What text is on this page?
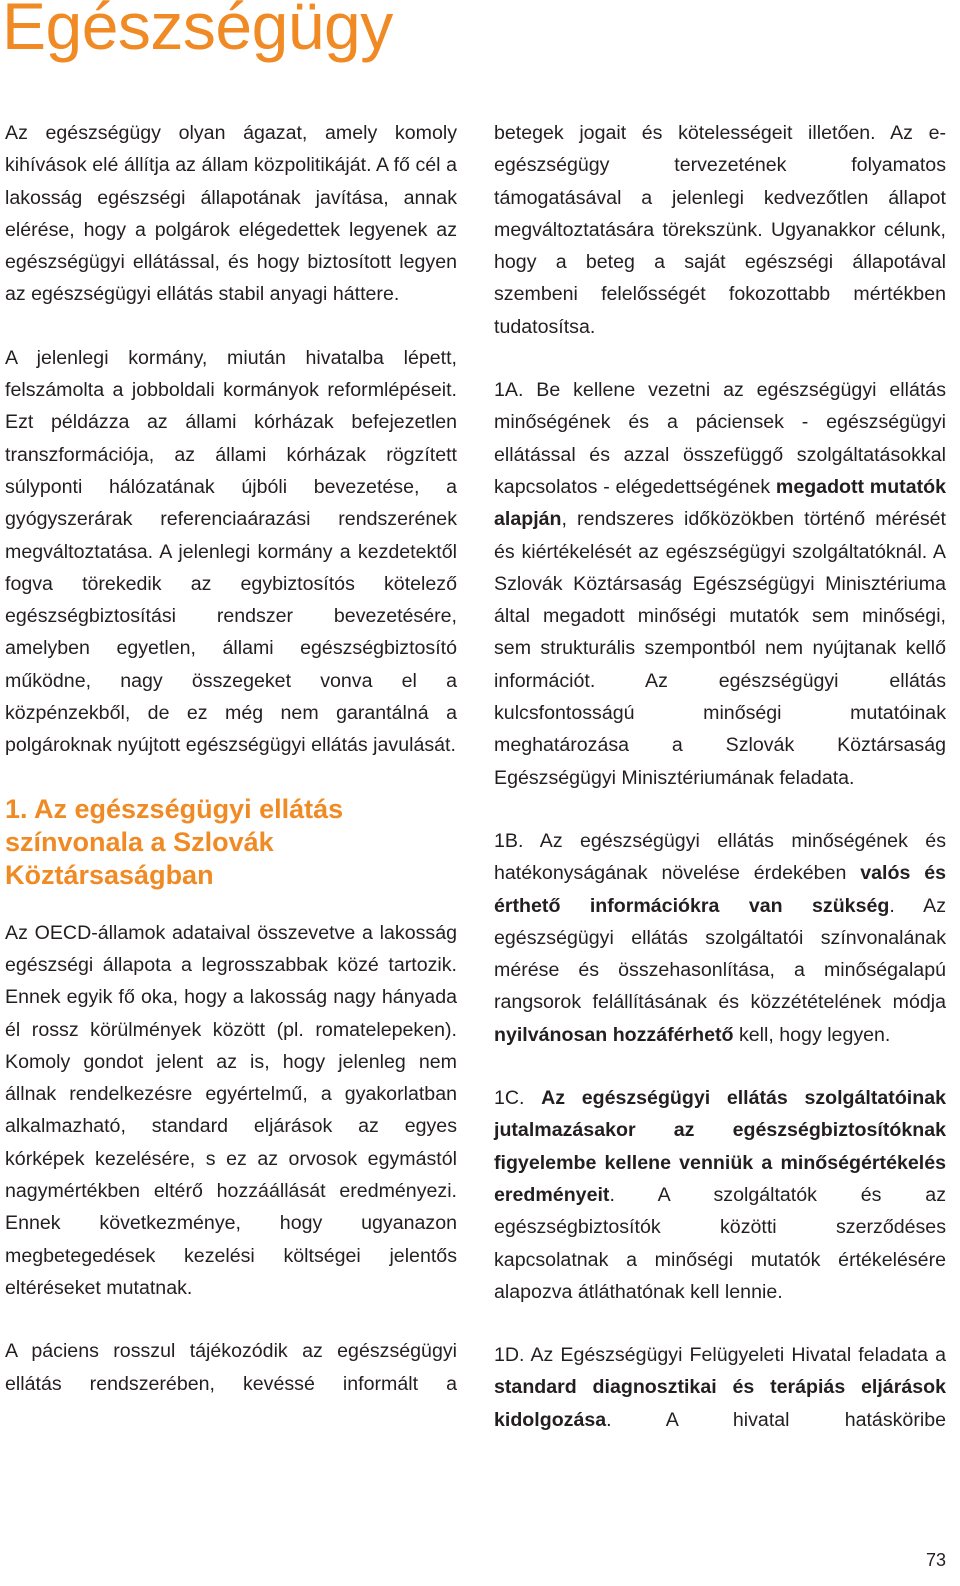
Egészségügy

Az egészségügy olyan ágazat, amely komoly kihívások elé állítja az állam közpolitikáját. A fő cél a lakosság egészségi állapotának javítása, annak elérése, hogy a polgárok elégedettek legyenek az egészségügyi ellátással, és hogy biztosított legyen az egészségügyi ellátás stabil anyagi háttere.

A jelenlegi kormány, miután hivatalba lépett, felszámolta a jobboldali kormányok reformlépéseit. Ezt példázza az állami kórházak befejezetlen transzformációja, az állami kórházak rögzített súlyponti hálózatának újbóli bevezetése, a gyógyszerárak referenciaárazási rendszerének megváltoztatása. A jelenlegi kormány a kezdetektől fogva törekedik az egybiztosítós kötelező egészségbiztosítási rendszer bevezetésére, amelyben egyetlen, állami egészségbiztosító működne, nagy összegeket vonva el a közpénzekből, de ez még nem garantálná a polgároknak nyújtott egészségügyi ellátás javulását.

1. Az egészségügyi ellátás színvonala a Szlovák Köztársaságban

Az OECD-államok adataival összevetve a lakosság egészségi állapota a legrosszabbak közé tartozik. Ennek egyik fő oka, hogy a lakosság nagy hányada él rossz körülmények között (pl. romatelepeken). Komoly gondot jelent az is, hogy jelenleg nem állnak rendelkezésre egyértelmű, a gyakorlatban alkalmazható, standard eljárások az egyes kórképek kezelésére, s ez az orvosok egymástól nagymértékben eltérő hozzáállását eredményezi. Ennek következménye, hogy ugyanazon megbetegedések kezelési költségei jelentős eltéréseket mutatnak.

A páciens rosszul tájékozódik az egészségügyi ellátás rendszerében, kevéssé informált a

betegek jogait és kötelességeit illetően. Az e-egészségügy tervezetének folyamatos támogatásával a jelenlegi kedvezőtlen állapot megváltoztatására törekszünk. Ugyanakkor célunk, hogy a beteg a saját egészségi állapotával szembeni felelősségét fokozottabb mértékben tudatosítsa.

1A. Be kellene vezetni az egészségügyi ellátás minőségének és a páciensek - egészségügyi ellátással és azzal összefüggő szolgáltatásokkal kapcsolatos - elégedettségének megadott mutatók alapján, rendszeres időközökben történő mérését és kiértékelését az egészségügyi szolgáltatóknál. A Szlovák Köztársaság Egészségügyi Minisztériuma által megadott minőségi mutatók sem minőségi, sem strukturális szempontból nem nyújtanak kellő információt. Az egészségügyi ellátás kulcsfontosságú minőségi mutatóinak meghatározása a Szlovák Köztársaság Egészségügyi Minisztériumának feladata.

1B. Az egészségügyi ellátás minőségének és hatékonyságának növelése érdekében valós és érthető információkra van szükség. Az egészségügyi ellátás szolgáltatói színvonalának mérése és összehasonlítása, a minőségalapú rangsorok felállításának és közzétételének módja nyilvánosan hozzáférhető kell, hogy legyen.

1C. Az egészségügyi ellátás szolgáltatóinak jutalmazásakor az egészségbiztosítóknak figyelembe kellene venniük a minőségértékelés eredményeit. A szolgáltatók és az egészségbiztosítók közötti szerződéses kapcsolatnak a minőségi mutatók értékelésére alapozva átláthatónak kell lennie.

1D. Az Egészségügyi Felügyeleti Hivatal feladata a standard diagnosztikai és terápiás eljárások kidolgozása. A hivatal hatásköribe

73
